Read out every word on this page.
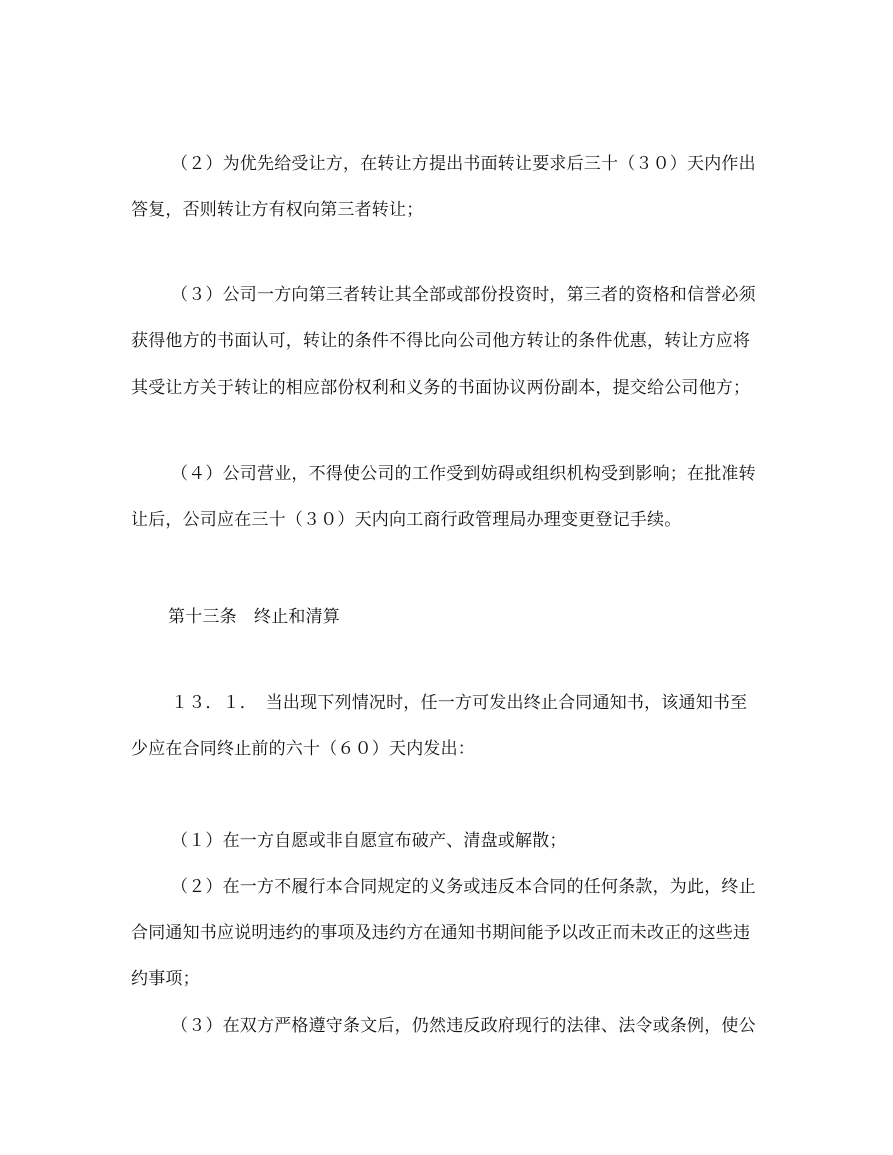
（２）为优先给受让方，在转让方提出书面转让要求后三十（３０）天内作出
答复，否则转让方有权向第三者转让；
（３）公司一方向第三者转让其全部或部份投资时，第三者的资格和信誉必须
获得他方的书面认可，转让的条件不得比向公司他方转让的条件优惠，转让方应将
其受让方关于转让的相应部份权利和义务的书面协议两份副本，提交给公司他方；
（４）公司营业，不得使公司的工作受到妨碍或组织机构受到影响；在批准转
让后，公司应在三十（３０）天内向工商行政管理局办理变更登记手续。
第十三条　终止和清算
１３．１．　当出现下列情况时，任一方可发出终止合同通知书，该通知书至
少应在合同终止前的六十（６０）天内发出：
（１）在一方自愿或非自愿宣布破产、清盘或解散；
（２）在一方不履行本合同规定的义务或违反本合同的任何条款，为此，终止
合同通知书应说明违约的事项及违约方在通知书期间能予以改正而未改正的这些违
约事项；
（３）在双方严格遵守条文后，仍然违反政府现行的法律、法令或条例，使公
